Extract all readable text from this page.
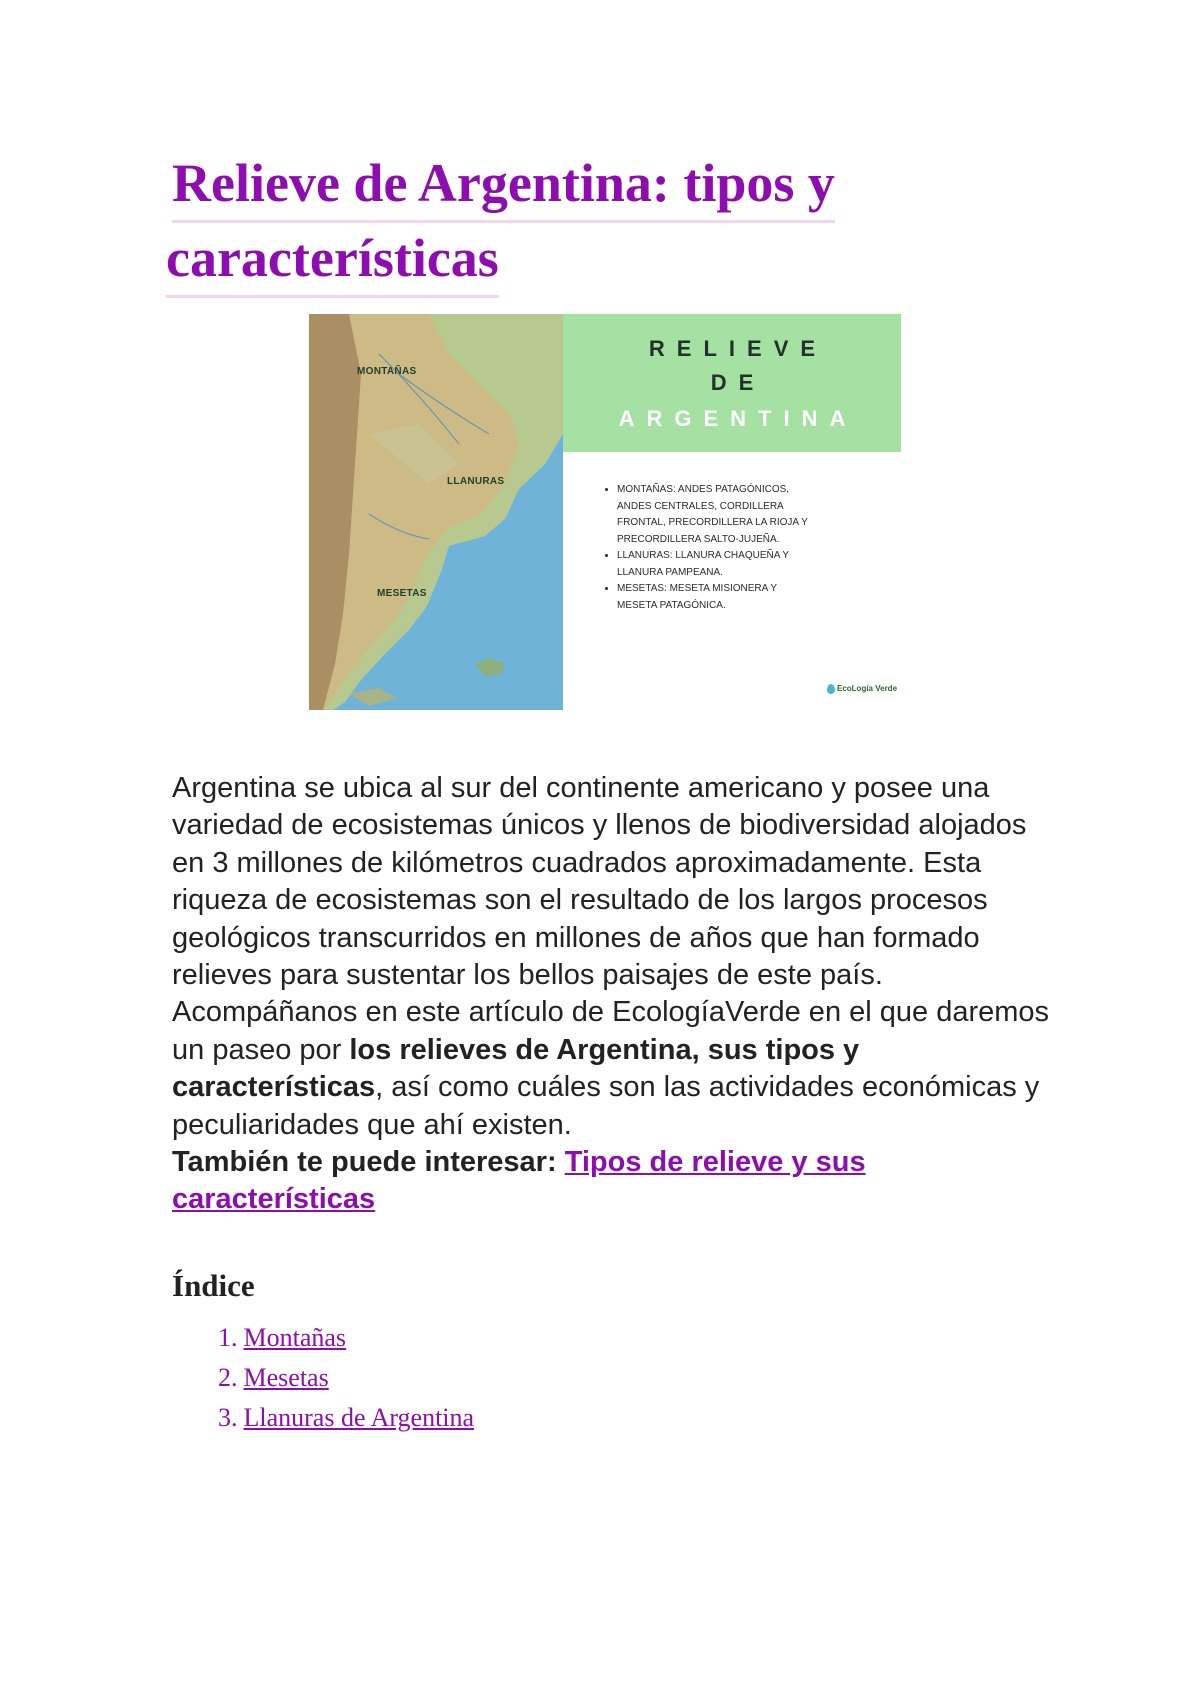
Relieve de Argentina: tipos y
características
MONTAÑAS
LLANURAS
MESETAS
RELIEVE
DE
ARGENTINA
• MONTAÑAS: ANDES PATAGÓNICOS, ANDES CENTRALES, CORDILLERA FRONTAL, PRECORDILLERA LA RIOJA Y PRECORDILLERA SALTO-JUJEÑA.
• LLANURAS: LLANURA CHAQUEÑA Y LLANURA PAMPEANA.
• MESETAS: MESETA MISIONERA Y MESETA PATAGÓNICA.
EcoLogía Verde

Argentina se ubica al sur del continente americano y posee una variedad de ecosistemas únicos y llenos de biodiversidad alojados en 3 millones de kilómetros cuadrados aproximadamente. Esta riqueza de ecosistemas son el resultado de los largos procesos geológicos transcurridos en millones de años que han formado relieves para sustentar los bellos paisajes de este país. Acompáñanos en este artículo de EcologíaVerde en el que daremos un paseo por los relieves de Argentina, sus tipos y características, así como cuáles son las actividades económicas y peculiaridades que ahí existen.
También te puede interesar: Tipos de relieve y sus características

Índice
1. Montañas
2. Mesetas
3. Llanuras de Argentina
